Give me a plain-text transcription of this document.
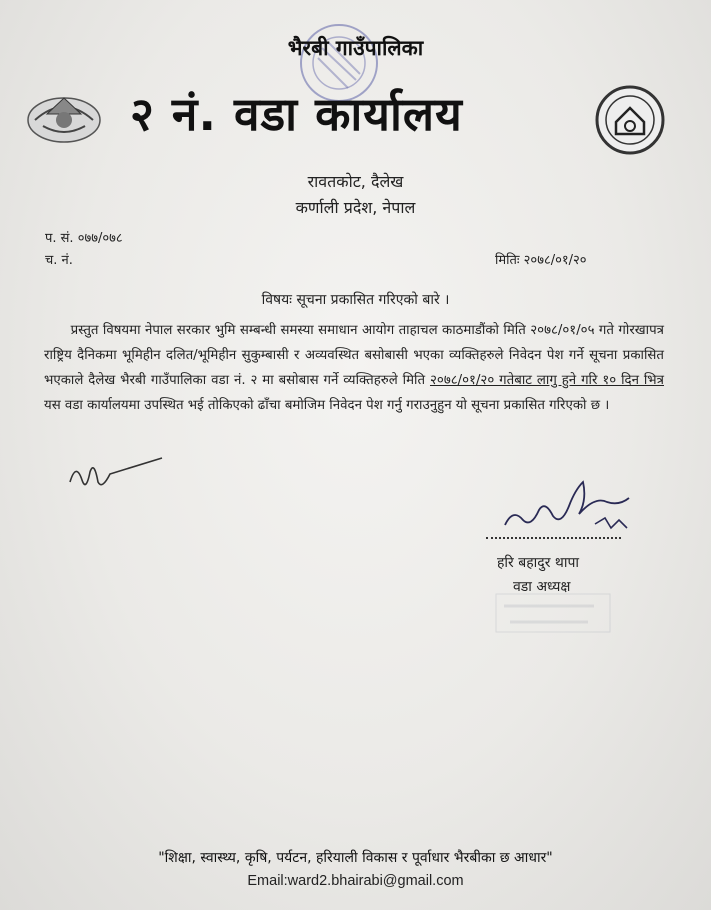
भैरबी गाउँपालिका
२ नं. वडा कार्यालय
रावतकोट, दैलेख
कर्णाली प्रदेश, नेपाल
प. सं. ०७७/०७८
च. नं.	मितिः २०७८/०१/२०
विषयः सूचना प्रकासित गरिएको बारे ।
  प्रस्तुत विषयमा नेपाल सरकार भुमि सम्बन्धी समस्या समाधान आयोग ताहाचल काठमाडौंको मिति २०७८/०१/०५ गते गोरखापत्र राष्ट्रिय दैनिकमा भूमिहीन दलित/भूमिहीन सुकुम्बासी र अव्यवस्थित बसोबासी भएका व्यक्तिहरुले निवेदन पेश गर्ने सूचना प्रकासित भएकाले दैलेख भैरबी गाउँपालिका वडा नं. २ मा बसोबास गर्ने व्यक्तिहरुले मिति २०७८/०१/२० गतेबाट लागु हुने गरि १० दिन भित्र यस वडा कार्यालयमा उपस्थित भई तोकिएको ढाँचा बमोजिम निवेदन पेश गर्नु गराउनुहुन यो सूचना प्रकासित गरिएको छ ।
हरि बहादुर थापा
वडा अध्यक्ष
"शिक्षा, स्वास्थ्य, कृषि, पर्यटन, हरियाली विकास र पूर्वाधार भैरबीका छ आधार"
Email:ward2.bhairabi@gmail.com
